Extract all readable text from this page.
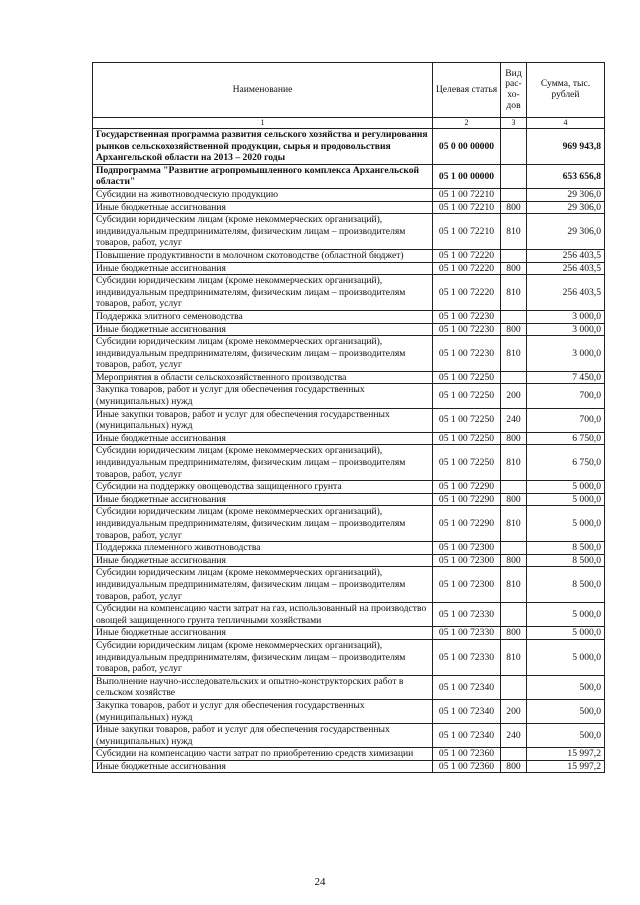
Наименование	Целевая статья	Вид рас-хо-дов	Сумма, тыс. рублей
1	2	3	4
Государственная программа развития сельского хозяйства и регулирования рынков сельскохозяйственной продукции, сырья и продовольствия Архангельской области на 2013 – 2020 годы	05 0 00 00000		969 943,8
Подпрограмма "Развитие агропромышленного комплекса Архангельской области"	05 1 00 00000		653 656,8
Субсидии на животноводческую продукцию	05 1 00 72210		29 306,0
Иные бюджетные ассигнования	05 1 00 72210	800	29 306,0
Субсидии юридическим лицам (кроме некоммерческих организаций), индивидуальным предпринимателям, физическим лицам – производителям товаров, работ, услуг	05 1 00 72210	810	29 306,0
Повышение продуктивности в молочном скотоводстве (областной бюджет)	05 1 00 72220		256 403,5
Иные бюджетные ассигнования	05 1 00 72220	800	256 403,5
Субсидии юридическим лицам (кроме некоммерческих организаций), индивидуальным предпринимателям, физическим лицам – производителям товаров, работ, услуг	05 1 00 72220	810	256 403,5
Поддержка элитного семеноводства	05 1 00 72230		3 000,0
Иные бюджетные ассигнования	05 1 00 72230	800	3 000,0
Субсидии юридическим лицам (кроме некоммерческих организаций), индивидуальным предпринимателям, физическим лицам – производителям товаров, работ, услуг	05 1 00 72230	810	3 000,0
Мероприятия в области сельскохозяйственного производства	05 1 00 72250		7 450,0
Закупка товаров, работ и услуг для обеспечения государственных (муниципальных) нужд	05 1 00 72250	200	700,0
Иные закупки товаров, работ и услуг для обеспечения государственных (муниципальных) нужд	05 1 00 72250	240	700,0
Иные бюджетные ассигнования	05 1 00 72250	800	6 750,0
Субсидии юридическим лицам (кроме некоммерческих организаций), индивидуальным предпринимателям, физическим лицам – производителям товаров, работ, услуг	05 1 00 72250	810	6 750,0
Субсидии на поддержку овощеводства защищенного грунта	05 1 00 72290		5 000,0
Иные бюджетные ассигнования	05 1 00 72290	800	5 000,0
Субсидии юридическим лицам (кроме некоммерческих организаций), индивидуальным предпринимателям, физическим лицам – производителям товаров, работ, услуг	05 1 00 72290	810	5 000,0
Поддержка племенного животноводства	05 1 00 72300		8 500,0
Иные бюджетные ассигнования	05 1 00 72300	800	8 500,0
Субсидии юридическим лицам (кроме некоммерческих организаций), индивидуальным предпринимателям, физическим лицам – производителям товаров, работ, услуг	05 1 00 72300	810	8 500,0
Субсидии на компенсацию части затрат на газ, использованный на производство овощей защищенного грунта тепличными хозяйствами	05 1 00 72330		5 000,0
Иные бюджетные ассигнования	05 1 00 72330	800	5 000,0
Субсидии юридическим лицам (кроме некоммерческих организаций), индивидуальным предпринимателям, физическим лицам – производителям товаров, работ, услуг	05 1 00 72330	810	5 000,0
Выполнение научно-исследовательских и опытно-конструкторских работ в сельском хозяйстве	05 1 00 72340		500,0
Закупка товаров, работ и услуг для обеспечения государственных (муниципальных) нужд	05 1 00 72340	200	500,0
Иные закупки товаров, работ и услуг для обеспечения государственных (муниципальных) нужд	05 1 00 72340	240	500,0
Субсидии на компенсацию части затрат по приобретению средств химизации	05 1 00 72360		15 997,2
Иные бюджетные ассигнования	05 1 00 72360	800	15 997,2
24
